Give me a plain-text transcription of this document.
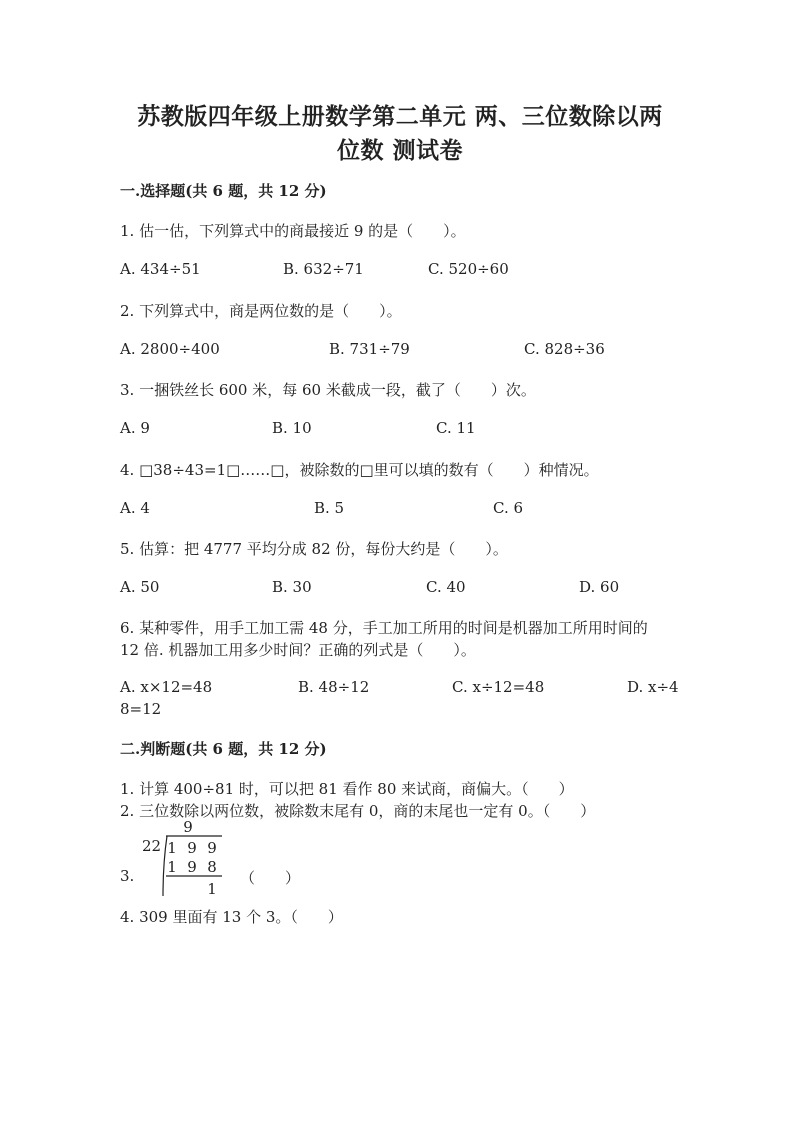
苏教版四年级上册数学第二单元 两、三位数除以两
位数 测试卷
一.选择题(共 6 题，共 12 分)
1. 估一估，下列算式中的商最接近 9 的是（　　）。
A. 434÷51	B. 632÷71	C. 520÷60
2. 下列算式中，商是两位数的是（　　）。
A. 2800÷400	B. 731÷79	C. 828÷36
3. 一捆铁丝长 600 米，每 60 米截成一段，截了（　　）次。
A. 9	B. 10	C. 11
4. □38÷43=1□……□，被除数的□里可以填的数有（　　）种情况。
A. 4	B. 5	C. 6
5. 估算：把 4777 平均分成 82 份，每份大约是（　　）。
A. 50	B. 30	C. 40	D. 60
6. 某种零件，用手工加工需 48 分，手工加工所用的时间是机器加工所用时间的
12 倍. 机器加工用多少时间？正确的列式是（　　）。
A. x×12=48	B. 48÷12	C. x÷12=48	D. x÷4
8=12
二.判断题(共 6 题，共 12 分)
1. 计算 400÷81 时，可以把 81 看作 80 来试商，商偏大。（　　）
2. 三位数除以两位数，被除数末尾有 0，商的末尾也一定有 0。（　　）
3.
9
22 1 9 9
1 9 8
1
（　　）
4. 309 里面有 13 个 3。（　　）
